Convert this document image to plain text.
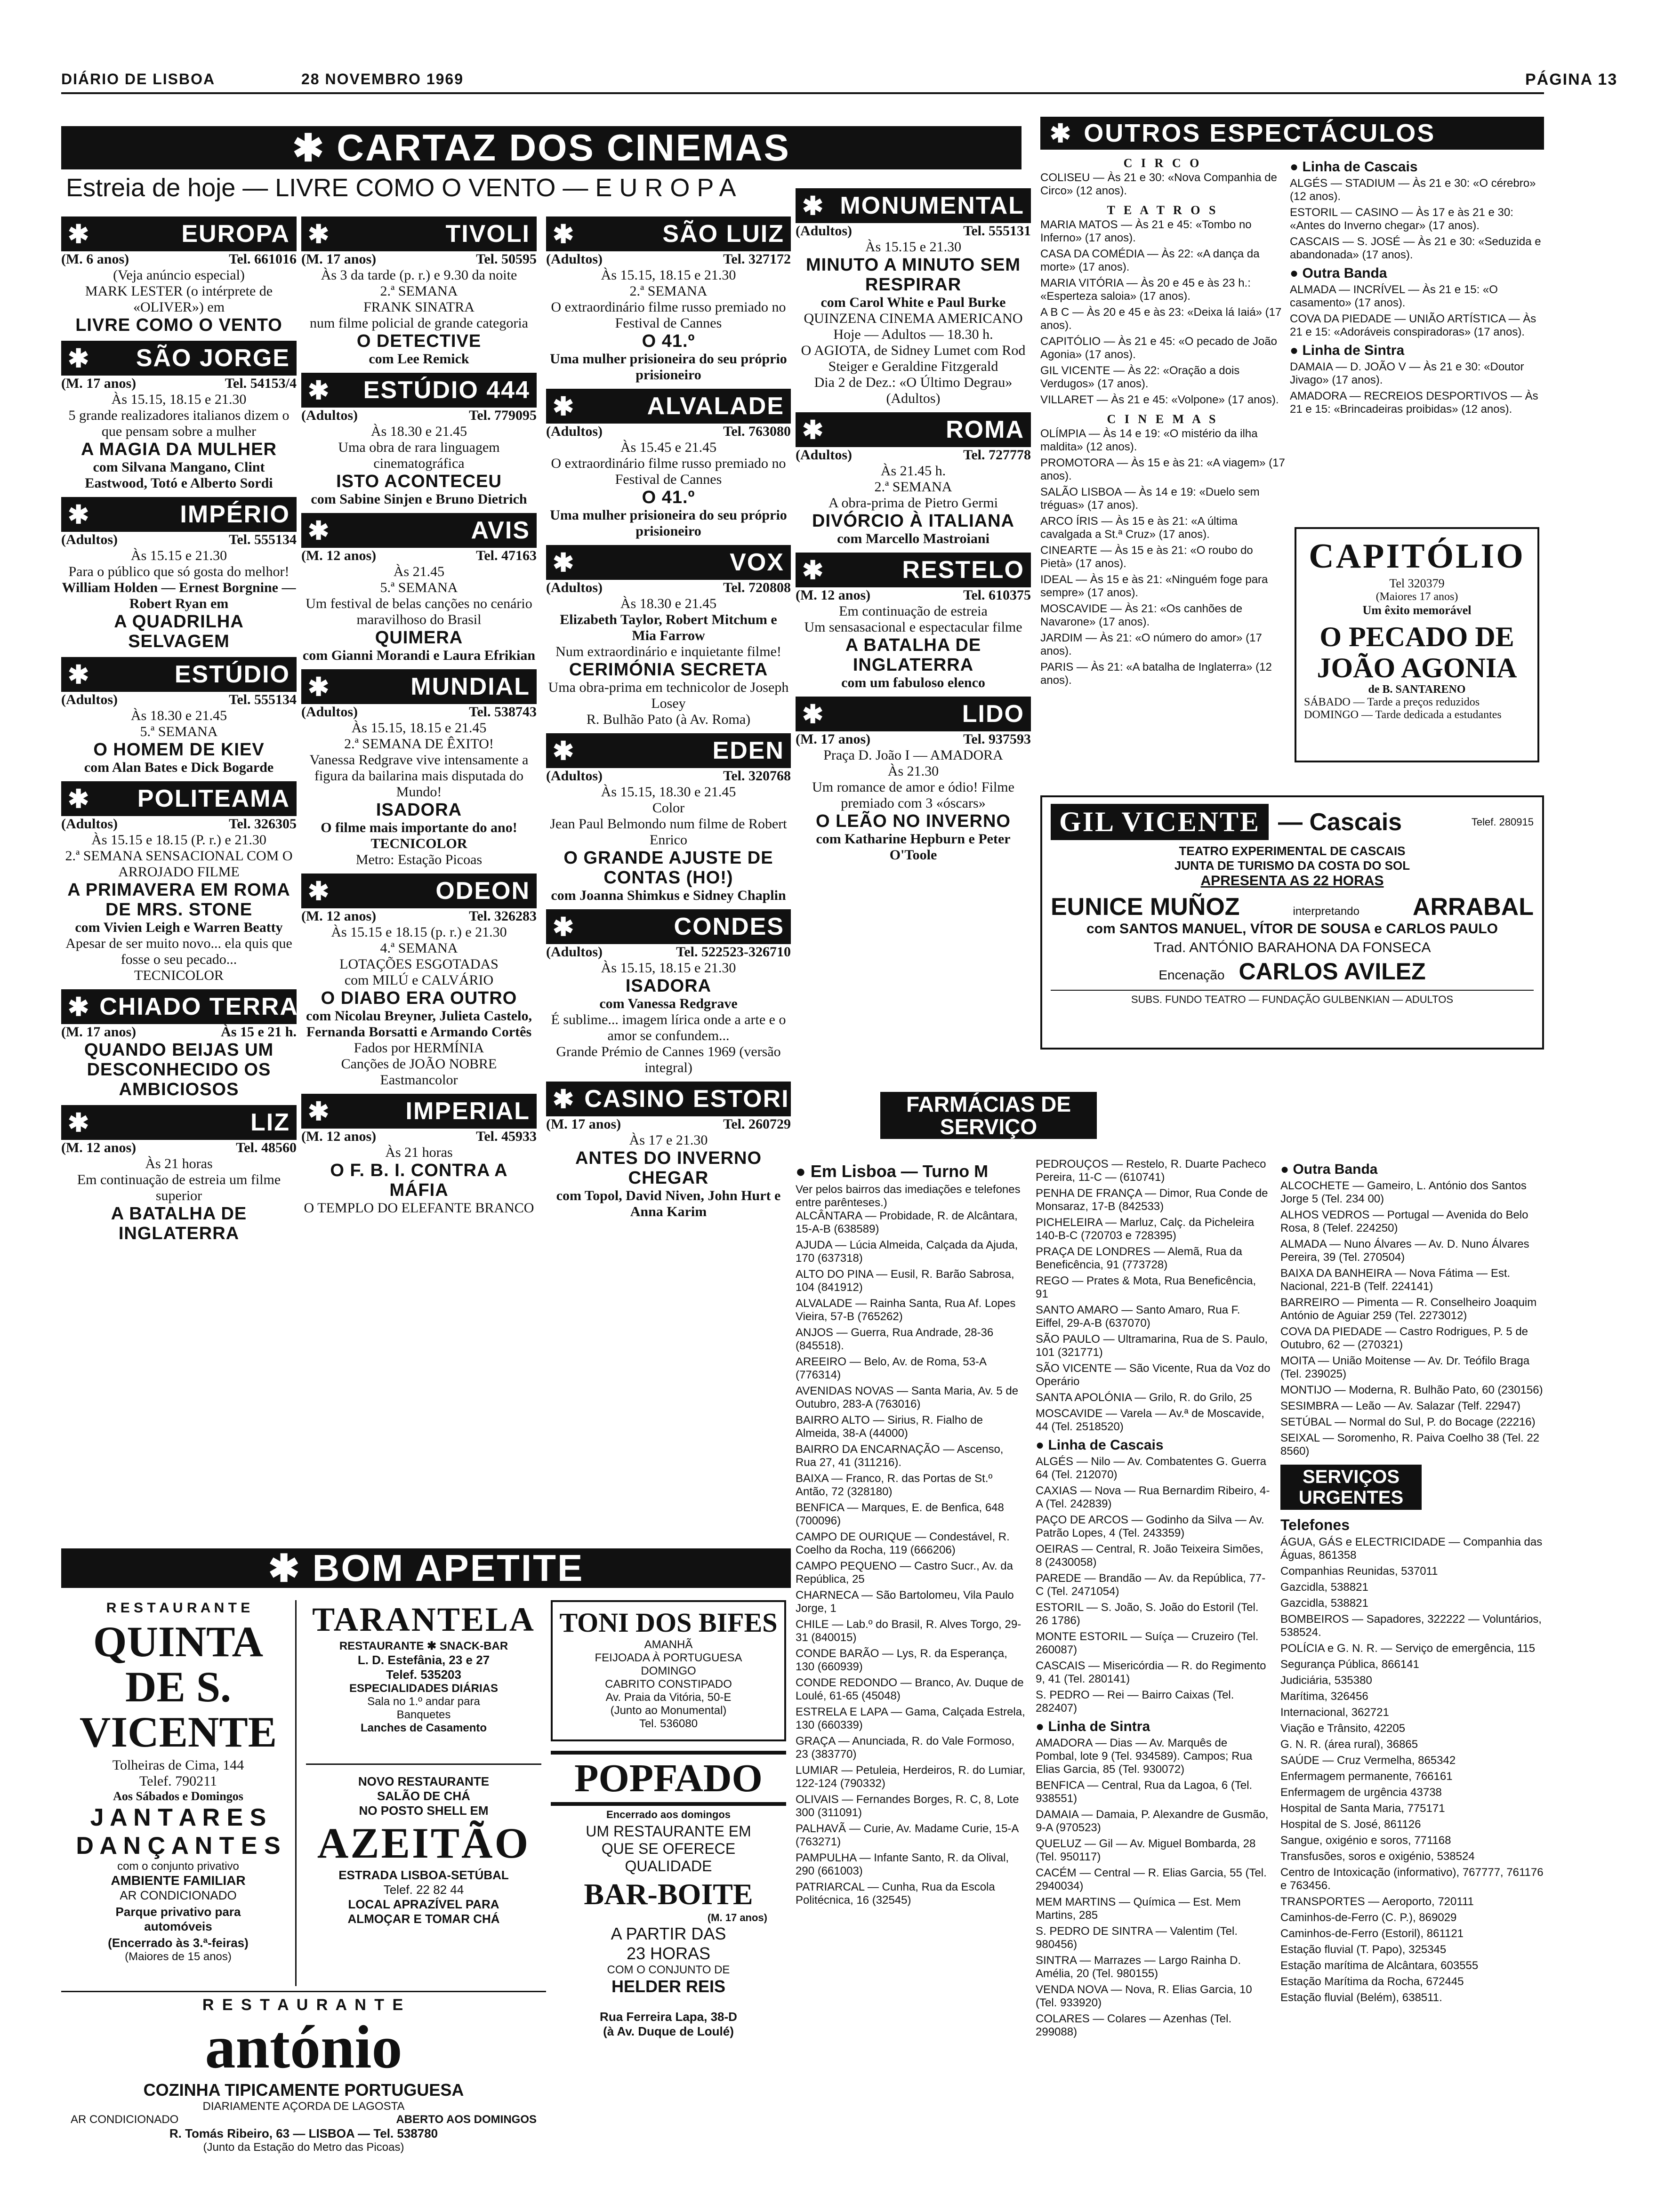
DIÁRIO DE LISBOA	28 NOVEMBRO 1969	PÁGINA 13
✱ CARTAZ DOS CINEMAS
Estreia de hoje — LIVRE COMO O VENTO — E U R O P A
✱ OUTROS ESPECTÁCULOS
✱	EUROPA
(M. 6 anos)	Tel. 661016
(Veja anúncio especial)
MARK LESTER (o intérprete de «OLIVER») em
LIVRE COMO O VENTO
✱	SÃO JORGE
(M. 17 anos)	Tel. 54153/4
Às 15.15, 18.15 e 21.30
5 grande realizadores italianos dizem o que pensam sobre a mulher
A MAGIA DA MULHER
com Silvana Mangano, Clint Eastwood, Totó e Alberto Sordi
✱	IMPÉRIO
(Adultos)	Tel. 555134
Às 15.15 e 21.30
Para o público que só gosta do melhor!
William Holden — Ernest Borgnine — Robert Ryan em
A QUADRILHA SELVAGEM
✱	ESTÚDIO
(Adultos)	Tel. 555134
Às 18.30 e 21.45
5.ª SEMANA
O HOMEM DE KIEV
com Alan Bates e Dick Bogarde
✱	POLITEAMA
(Adultos)	Tel. 326305
Às 15.15 e 18.15 (P. r.) e 21.30
2.ª SEMANA SENSACIONAL COM O ARROJADO FILME
A PRIMAVERA EM ROMA DE MRS. STONE
com Vivien Leigh e Warren Beatty
Apesar de ser muito novo... ela quis que fosse o seu pecado...
TECNICOLOR
✱ CHIADO TERRASSE
(M. 17 anos)	Às 15 e 21 h.
QUANDO BEIJAS UM DESCONHECIDO OS AMBICIOSOS
✱	LIZ
(M. 12 anos)	Tel. 48560
Às 21 horas
Em continuação de estreia um filme superior
A BATALHA DE INGLATERRA
✱	TIVOLI
(M. 17 anos)	Tel. 50595
Às 3 da tarde (p. r.) e 9.30 da noite
2.ª SEMANA
FRANK SINATRA
num filme policial de grande categoria
O DETECTIVE
com Lee Remick
✱	ESTÚDIO 444
(Adultos)	Tel. 779095
Às 18.30 e 21.45
Uma obra de rara linguagem cinematográfica
ISTO ACONTECEU
com Sabine Sinjen e Bruno Dietrich
✱	AVIS
(M. 12 anos)	Tel. 47163
Às 21.45
5.ª SEMANA
Um festival de belas canções no cenário maravilhoso do Brasil
QUIMERA
com Gianni Morandi e Laura Efrikian
✱	MUNDIAL
(Adultos)	Tel. 538743
Às 15.15, 18.15 e 21.45
2.ª SEMANA DE ÊXITO!
Vanessa Redgrave vive intensamente a figura da bailarina mais disputada do Mundo!
ISADORA
O filme mais importante do ano! TECNICOLOR
Metro: Estação Picoas
✱	ODEON
(M. 12 anos)	Tel. 326283
Às 15.15 e 18.15 (p. r.) e 21.30
4.ª SEMANA
LOTAÇÕES ESGOTADAS
com MILÚ e CALVÁRIO
O DIABO ERA OUTRO
com Nicolau Breyner, Julieta Castelo, Fernanda Borsatti e Armando Cortês
Fados por HERMÍNIA
Canções de JOÃO NOBRE
Eastmancolor
✱	IMPERIAL
(M. 12 anos)	Tel. 45933
Às 21 horas
O F. B. I. CONTRA A MÁFIA
O TEMPLO DO ELEFANTE BRANCO
✱	SÃO LUIZ
(Adultos)	Tel. 327172
Às 15.15, 18.15 e 21.30
2.ª SEMANA
O extraordinário filme russo premiado no Festival de Cannes
O 41.º
Uma mulher prisioneira do seu próprio prisioneiro
✱	ALVALADE
(Adultos)	Tel. 763080
Às 15.45 e 21.45
O extraordinário filme russo premiado no Festival de Cannes
O 41.º
Uma mulher prisioneira do seu próprio prisioneiro
✱	VOX
(Adultos)	Tel. 720808
Às 18.30 e 21.45
Elizabeth Taylor, Robert Mitchum e Mia Farrow
Num extraordinário e inquietante filme!
CERIMÓNIA SECRETA
Uma obra-prima em technicolor de Joseph Losey
R. Bulhão Pato (à Av. Roma)
✱	EDEN
(Adultos)	Tel. 320768
Às 15.15, 18.30 e 21.45
Color
Jean Paul Belmondo num filme de Robert Enrico
O GRANDE AJUSTE DE CONTAS (HO!)
com Joanna Shimkus e Sidney Chaplin
✱	CONDES
(Adultos)	Tel. 522523-326710
Às 15.15, 18.15 e 21.30
ISADORA
com Vanessa Redgrave
É sublime... imagem lírica onde a arte e o amor se confundem...
Grande Prémio de Cannes 1969 (versão integral)
✱ CASINO ESTORIL
(M. 17 anos)	Tel. 260729
Às 17 e 21.30
ANTES DO INVERNO CHEGAR
com Topol, David Niven, John Hurt e Anna Karim
✱ MONUMENTAL
(Adultos)	Tel. 555131
Às 15.15 e 21.30
MINUTO A MINUTO SEM RESPIRAR
com Carol White e Paul Burke
QUINZENA CINEMA AMERICANO
Hoje — Adultos — 18.30 h.
O AGIOTA, de Sidney Lumet com Rod Steiger e Geraldine Fitzgerald
Dia 2 de Dez.: «O Último Degrau» (Adultos)
✱	ROMA
(Adultos)	Tel. 727778
Às 21.45 h.
2.ª SEMANA
A obra-prima de Pietro Germi
DIVÓRCIO À ITALIANA
com Marcello Mastroiani
✱	RESTELO
(M. 12 anos)	Tel. 610375
Em continuação de estreia
Um sensasacional e espectacular filme
A BATALHA DE INGLATERRA
com um fabuloso elenco
✱	LIDO
(M. 17 anos)	Tel. 937593
Praça D. João I — AMADORA
Às 21.30
Um romance de amor e ódio! Filme premiado com 3 «óscars»
O LEÃO NO INVERNO
com Katharine Hepburn e Peter O'Toole
C I R C O
COLISEU — Às 21 e 30: «Nova Companhia de Circo» (12 anos).
T E A T R O S
MARIA MATOS — Às 21 e 45: «Tombo no Inferno» (17 anos).
CASA DA COMÉDIA — Às 22: «A dança da morte» (17 anos).
MARIA VITÓRIA — Às 20 e 45 e às 23 h.: «Esperteza saloia» (17 anos).
A B C — Às 20 e 45 e às 23: «Deixa lá Iaiá» (17 anos).
CAPITÓLIO — Às 21 e 45: «O pecado de João Agonia» (17 anos).
GIL VICENTE — Às 22: «Oração a dois Verdugos» (17 anos).
VILLARET — Às 21 e 45: «Volpone» (17 anos).
C I N E M A S
OLÍMPIA — Às 14 e 19: «O mistério da ilha maldita» (12 anos).
PROMOTORA — Às 15 e às 21: «A viagem» (17 anos).
SALÃO LISBOA — Às 14 e 19: «Duelo sem tréguas» (17 anos).
ARCO ÍRIS — Às 15 e às 21: «A última cavalgada a St.ª Cruz» (17 anos).
CINEARTE — Às 15 e às 21: «O roubo do Pietà» (17 anos).
IDEAL — Às 15 e às 21: «Ninguém foge para sempre» (17 anos).
MOSCAVIDE — Às 21: «Os canhões de Navarone» (17 anos).
JARDIM — Às 21: «O número do amor» (17 anos).
PARIS — Às 21: «A batalha de Inglaterra» (12 anos).
● Linha de Cascais
ALGÉS — STADIUM — Às 21 e 30: «O cérebro» (12 anos).
ESTORIL — CASINO — Às 17 e às 21 e 30: «Antes do Inverno chegar» (17 anos).
CASCAIS — S. JOSÉ — Às 21 e 30: «Seduzida e abandonada» (17 anos).
● Outra Banda
ALMADA — INCRÍVEL — Às 21 e 15: «O casamento» (17 anos).
COVA DA PIEDADE — UNIÃO ARTÍSTICA — Às 21 e 15: «Adoráveis conspiradoras» (17 anos).
● Linha de Sintra
DAMAIA — D. JOÃO V — Às 21 e 30: «Doutor Jivago» (17 anos).
AMADORA — RECREIOS DESPORTIVOS — Às 21 e 15: «Brincadeiras proibidas» (12 anos).
CAPITÓLIO
Tel 320379
(Maiores 17 anos)
Um êxito memorável
O PECADO DE JOÃO AGONIA
de B. SANTARENO
SÁBADO — Tarde a preços reduzidos
DOMINGO — Tarde dedicada a estudantes
GIL VICENTE — Cascais	Telef. 280915
TEATRO EXPERIMENTAL DE CASCAIS
JUNTA DE TURISMO DA COSTA DO SOL
APRESENTA AS 22 HORAS
EUNICE MUÑOZ	interpretando ARRABAL
com SANTOS MANUEL, VÍTOR DE SOUSA e CARLOS PAULO
Trad. ANTÓNIO BARAHONA DA FONSECA
Encenação CARLOS AVILEZ
SUBS. FUNDO TEATRO — FUNDAÇÃO GULBENKIAN — ADULTOS
FARMÁCIAS DE SERVIÇO
● Em Lisboa — Turno M
Ver pelos bairros das imediações e telefones entre parênteses.)
ALCÂNTARA — Probidade, R. de Alcântara, 15-A-B (638589)
AJUDA — Lúcia Almeida, Calçada da Ajuda, 170 (637318)
ALTO DO PINA — Eusil, R. Barão Sabrosa, 104 (841912)
ALVALADE — Rainha Santa, Rua Af. Lopes Vieira, 57-B (765262)
ANJOS — Guerra, Rua Andrade, 28-36 (845518).
AREEIRO — Belo, Av. de Roma, 53-A (776314)
AVENIDAS NOVAS — Santa Maria, Av. 5 de Outubro, 283-A (763016)
BAIRRO ALTO — Sirius, R. Fialho de Almeida, 38-A (44000)
BAIRRO DA ENCARNAÇÃO — Ascenso, Rua 27, 41 (311216).
BAIXA — Franco, R. das Portas de St.º Antão, 72 (328180)
BENFICA — Marques, E. de Benfica, 648 (700096)
CAMPO DE OURIQUE — Condestável, R. Coelho da Rocha, 119 (666206)
CAMPO PEQUENO — Castro Sucr., Av. da República, 25
CHARNECA — São Bartolomeu, Vila Paulo Jorge, 1
CHILE — Lab.º do Brasil, R. Alves Torgo, 29-31 (840015)
CONDE BARÃO — Lys, R. da Esperança, 130 (660939)
CONDE REDONDO — Branco, Av. Duque de Loulé, 61-65 (45048)
ESTRELA E LAPA — Gama, Calçada Estrela, 130 (660339)
GRAÇA — Anunciada, R. do Vale Formoso, 23 (383770)
LUMIAR — Petuleia, Herdeiros, R. do Lumiar, 122-124 (790332)
OLIVAIS — Fernandes Borges, R. C, 8, Lote 300 (311091)
PALHAVÃ — Curie, Av. Madame Curie, 15-A (763271)
PAMPULHA — Infante Santo, R. da Olival, 290 (661003)
PATRIARCAL — Cunha, Rua da Escola Politécnica, 16 (32545)
PEDROUÇOS — Restelo, R. Duarte Pacheco Pereira, 11-C — (610741)
PENHA DE FRANÇA — Dimor, Rua Conde de Monsaraz, 17-B (842533)
PICHELEIRA — Marluz, Calç. da Picheleira 140-B-C (720703 e 728395)
PRAÇA DE LONDRES — Alemã, Rua da Beneficência, 91 (773728)
REGO — Prates & Mota, Rua Beneficência, 91
SANTO AMARO — Santo Amaro, Rua F. Eiffel, 29-A-B (637070)
SÃO PAULO — Ultramarina, Rua de S. Paulo, 101 (321771)
SÃO VICENTE — São Vicente, Rua da Voz do Operário
SANTA APOLÓNIA — Grilo, R. do Grilo, 25
MOSCAVIDE — Varela — Av.ª de Moscavide, 44 (Tel. 2518520)
● Linha de Cascais
ALGÉS — Nilo — Av. Combatentes G. Guerra 64 (Tel. 212070)
CAXIAS — Nova — Rua Bernardim Ribeiro, 4-A (Tel. 242839)
PAÇO DE ARCOS — Godinho da Silva — Av. Patrão Lopes, 4 (Tel. 243359)
OEIRAS — Central, R. João Teixeira Simões, 8 (2430058)
PAREDE — Brandão — Av. da República, 77-C (Tel. 2471054)
ESTORIL — S. João, S. João do Estoril (Tel. 26 1786)
MONTE ESTORIL — Suíça — Cruzeiro (Tel. 260087)
CASCAIS — Misericórdia — R. do Regimento 9, 41 (Tel. 280141)
S. PEDRO — Rei — Bairro Caixas (Tel. 282407)
● Linha de Sintra
AMADORA — Dias — Av. Marquês de Pombal, lote 9 (Tel. 934589). Campos; Rua Elias Garcia, 85 (Tel. 930072)
BENFICA — Central, Rua da Lagoa, 6 (Tel. 938551)
DAMAIA — Damaia, P. Alexandre de Gusmão, 9-A (970523)
QUELUZ — Gil — Av. Miguel Bombarda, 28 (Tel. 950117)
CACÉM — Central — R. Elias Garcia, 55 (Tel. 2940034)
MEM MARTINS — Química — Est. Mem Martins, 285
S. PEDRO DE SINTRA — Valentim (Tel. 980456)
SINTRA — Marrazes — Largo Rainha D. Amélia, 20 (Tel. 980155)
VENDA NOVA — Nova, R. Elias Garcia, 10 (Tel. 933920)
COLARES — Colares — Azenhas (Tel. 299088)
● Outra Banda
ALCOCHETE — Gameiro, L. António dos Santos Jorge 5 (Tel. 234 00)
ALHOS VEDROS — Portugal — Avenida do Belo Rosa, 8 (Telef. 224250)
ALMADA — Nuno Álvares — Av. D. Nuno Álvares Pereira, 39 (Tel. 270504)
BAIXA DA BANHEIRA — Nova Fátima — Est. Nacional, 221-B (Telf. 224141)
BARREIRO — Pimenta — R. Conselheiro Joaquim António de Aguiar 259 (Tel. 2273012)
COVA DA PIEDADE — Castro Rodrigues, P. 5 de Outubro, 62 — (270321)
MOITA — União Moitense — Av. Dr. Teófilo Braga (Tel. 239025)
MONTIJO — Moderna, R. Bulhão Pato, 60 (230156)
SESIMBRA — Leão — Av. Salazar (Telf. 22947)
SETÚBAL — Normal do Sul, P. do Bocage (22216)
SEIXAL — Soromenho, R. Paiva Coelho 38 (Tel. 22 8560)
SERVIÇOS URGENTES
Telefones
ÁGUA, GÁS e ELECTRICIDADE — Companhia das Águas, 861358
Companhias Reunidas, 537011
Gazcidla, 538821
Gazcidla, 538821
BOMBEIROS — Sapadores, 322222 — Voluntários, 538524.
POLÍCIA e G. N. R. — Serviço de emergência, 115
Segurança Pública, 866141
Judiciária, 535380
Marítima, 326456
Internacional, 362721
Viação e Trânsito, 42205
G. N. R. (área rural), 36865
SAÚDE — Cruz Vermelha, 865342
Enfermagem permanente, 766161
Enfermagem de urgência 43738
Hospital de Santa Maria, 775171
Hospital de S. José, 861126
Sangue, oxigénio e soros, 771168
Transfusões, soros e oxigénio, 538524
Centro de Intoxicação (informativo), 767777, 761176 e 763456.
TRANSPORTES — Aeroporto, 720111
Caminhos-de-Ferro (C. P.), 869029
Caminhos-de-Ferro (Estoril), 861121
Estação fluvial (T. Papo), 325345
Estação marítima de Alcântara, 603555
Estação Marítima da Rocha, 672445
Estação fluvial (Belém), 638511.
✱ BOM APETITE
R E S T A U R A N T E
QUINTA DE S. VICENTE
Tolheiras de Cima, 144
Telef. 790211
Aos Sábados e Domingos
J A N T A R E S
D A N Ç A N T E S
com o conjunto privativo
AMBIENTE FAMILIAR
AR CONDICIONADO
Parque privativo para automóveis
(Encerrado às 3.ª-feiras)
(Maiores de 15 anos)
TARANTELA
RESTAURANTE ✱ SNACK-BAR
L. D. Estefânia, 23 e 27
Telef. 535203
ESPECIALIDADES DIÁRIAS
Sala no 1.º andar para Banquetes
Lanches de Casamento
NOVO RESTAURANTE
SALÃO DE CHÁ
NO POSTO SHELL EM
AZEITÃO
ESTRADA LISBOA-SETÚBAL
Telef. 22 82 44
LOCAL APRAZÍVEL PARA ALMOÇAR E TOMAR CHÁ
TONI DOS BIFES
AMANHÃ
FEIJOADA À PORTUGUESA
DOMINGO
CABRITO CONSTIPADO
Av. Praia da Vitória, 50-E
(Junto ao Monumental)
Tel. 536080
POPFADO
Encerrado aos domingos
UM RESTAURANTE EM QUE SE OFERECE QUALIDADE
BAR-BOITE
(M. 17 anos)
A PARTIR DAS
23 HORAS
COM O CONJUNTO DE
HELDER REIS
R E S T A U R A N T E
antónio
COZINHA TIPICAMENTE PORTUGUESA
DIARIAMENTE AÇORDA DE LAGOSTA
AR CONDICIONADO	ABERTO AOS DOMINGOS
R. Tomás Ribeiro, 63 — LISBOA — Tel. 538780
(Junto da Estação do Metro das Picoas)
Rua Ferreira Lapa, 38-D
(à Av. Duque de Loulé)
